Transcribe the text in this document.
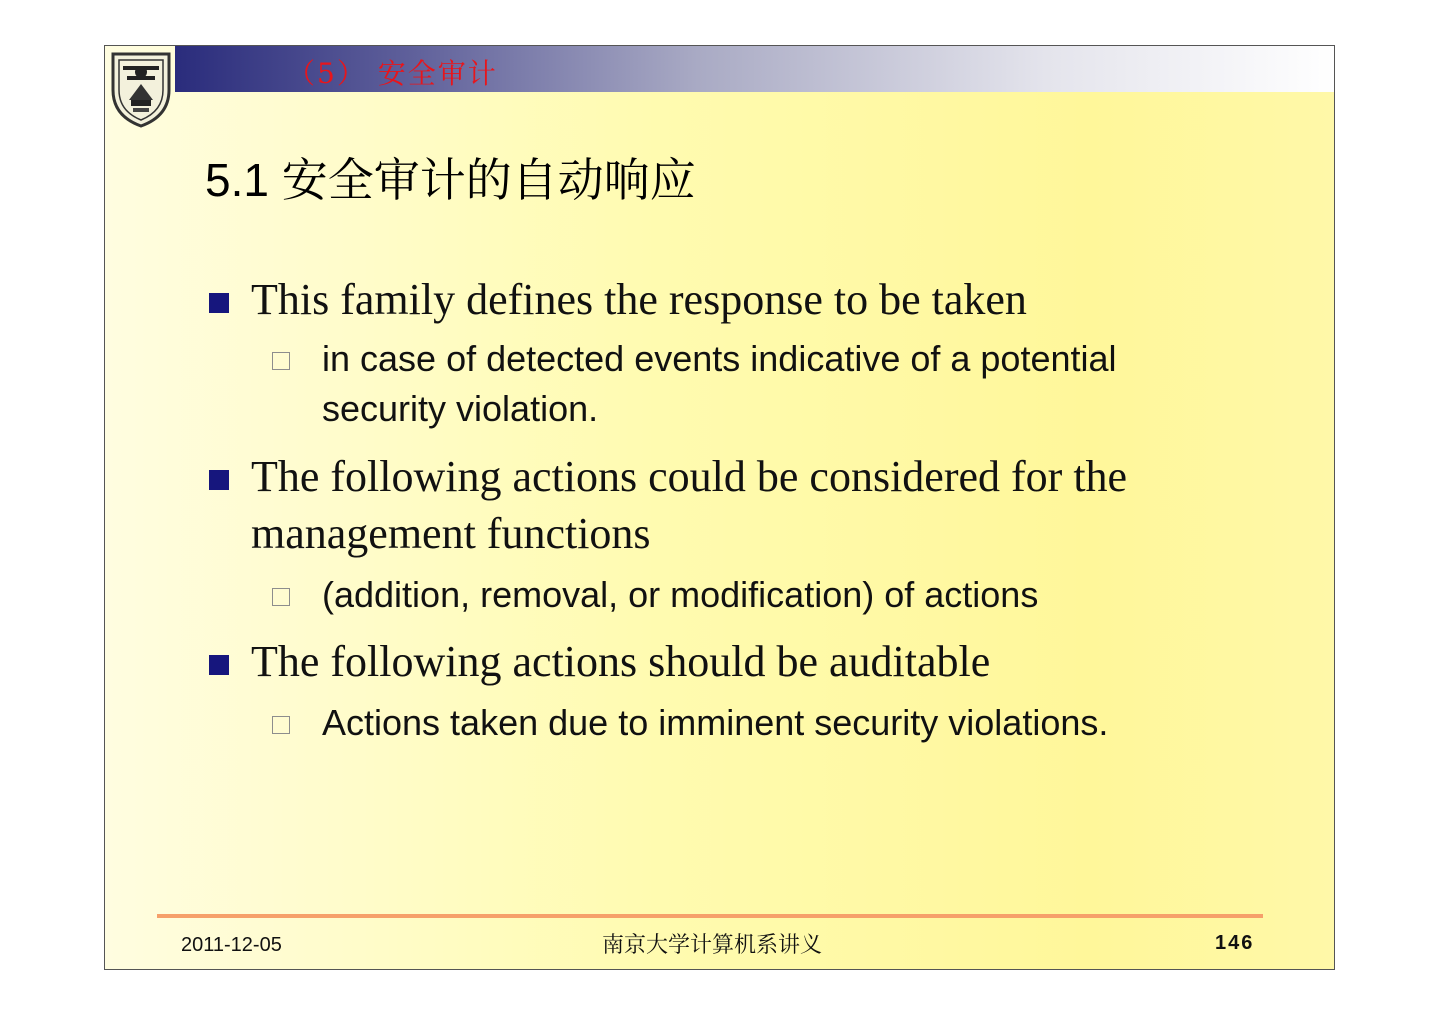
（5） 安全审计
5.1 安全审计的自动响应
This family defines the response to be taken
in case of detected events indicative of a potential security violation.
The following actions could be considered for the management functions
(addition, removal, or modification) of actions
The following actions should be auditable
Actions taken due to imminent security violations.
2011-12-05	南京大学计算机系讲义	146
